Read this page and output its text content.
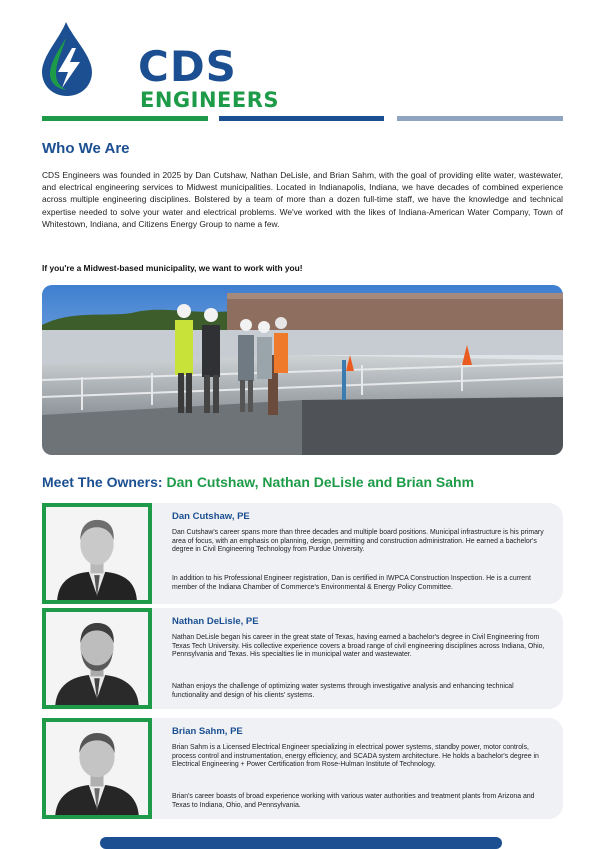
CDS
ENGINEERS
Who We Are

CDS Engineers was founded in 2025 by Dan Cutshaw, Nathan DeLisle, and Brian Sahm, with the goal of providing elite water, wastewater, and electrical engineering services to Midwest municipalities. Located in Indianapolis, Indiana, we have decades of combined experience across multiple engineering disciplines. Bolstered by a team of more than a dozen full-time staff, we have the knowledge and technical expertise needed to solve your water and electrical problems. We've worked with the likes of Indiana-American Water Company, Town of Whitestown, Indiana, and Citizens Energy Group to name a few.

If you're a Midwest-based municipality, we want to work with you!
Meet The Owners: Dan Cutshaw, Nathan DeLisle and Brian Sahm
Dan Cutshaw, PE

Dan Cutshaw's career spans more than three decades and multiple board positions. Municipal infrastructure is his primary area of focus, with an emphasis on planning, design, permitting and construction administration. He earned a bachelor's degree in Civil Engineering Technology from Purdue University.

In addition to his Professional Engineer registration, Dan is certified in IWPCA Construction Inspection. He is a current member of the Indiana Chamber of Commerce's Environmental & Energy Policy Committee.

Nathan DeLisle, PE

Nathan DeLisle began his career in the great state of Texas, having earned a bachelor's degree in Civil Engineering from Texas Tech University. His collective experience covers a broad range of civil engineering disciplines across Indiana, Ohio, Pennsylvania and Texas. His specialties lie in municipal water and wastewater.

Nathan enjoys the challenge of optimizing water systems through investigative analysis and enhancing technical functionality and design of his clients' systems.

Brian Sahm, PE

Brian Sahm is a Licensed Electrical Engineer specializing in electrical power systems, standby power, motor controls, process control and instrumentation, energy efficiency, and SCADA system architecture. He holds a bachelor's degree in Electrical Engineering + Power Certification from Rose-Hulman Institute of Technology.

Brian's career boasts of broad experience working with various water authorities and treatment plants from Arizona and Texas to Indiana, Ohio, and Pennsylvania.
